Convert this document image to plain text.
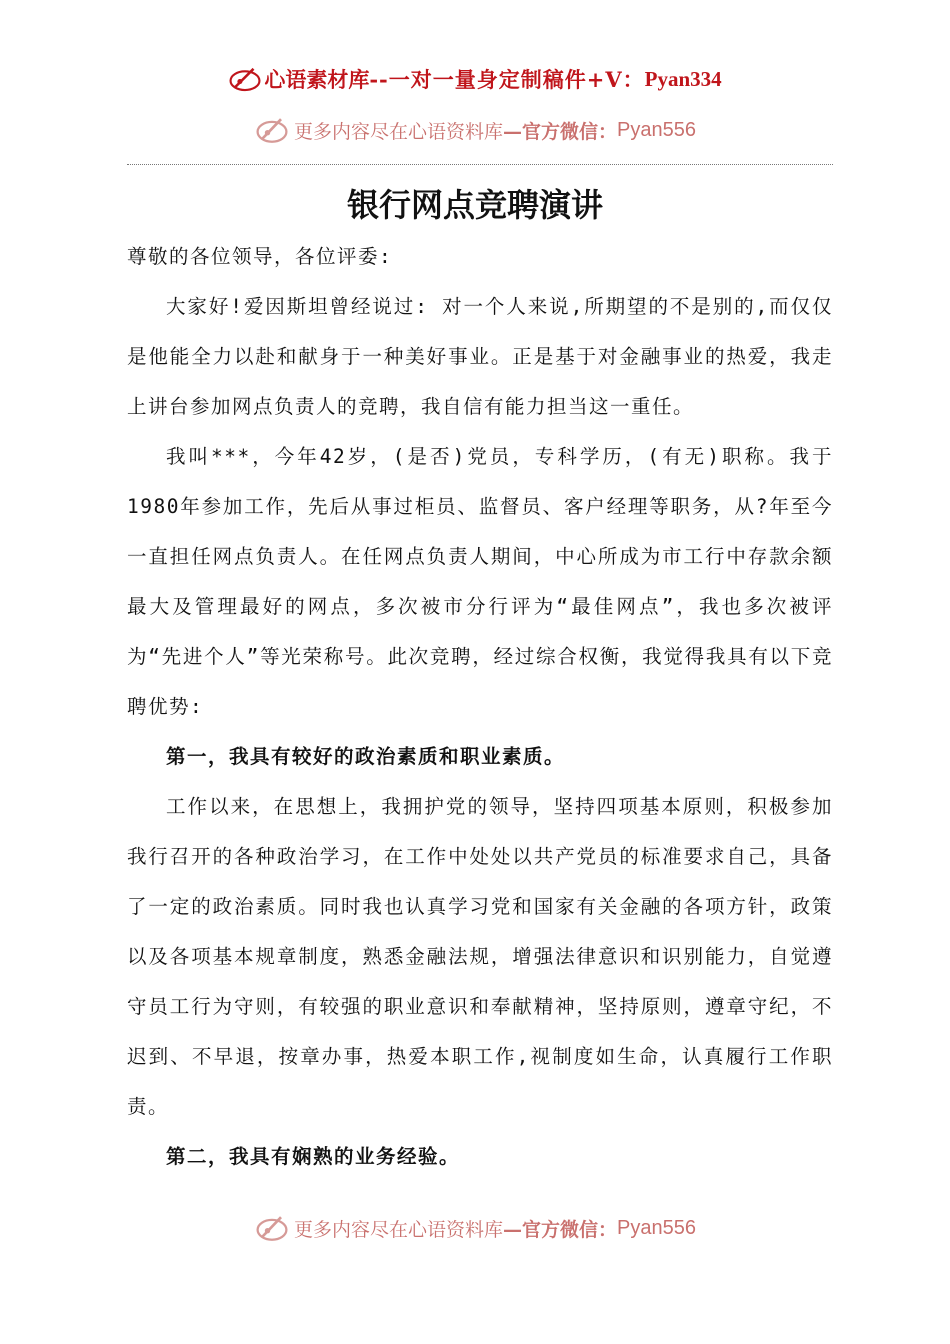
心语素材库 --一对一量身定制稿件+V： Pyan334
更多内容尽在心语资料库 —官方微信： Pyan556
银行网点竞聘演讲

尊敬的各位领导，各位评委:

大家好!爱因斯坦曾经说过: 对一个人来说,所期望的不是别的,而仅仅是他能全力以赴和献身于一种美好事业。正是基于对金融事业的热爱，我走上讲台参加网点负责人的竞聘，我自信有能力担当这一重任。

我叫***，今年42岁，(是否)党员，专科学历，(有无)职称。我于1980年参加工作，先后从事过柜员、监督员、客户经理等职务，从?年至今一直担任网点负责人。在任网点负责人期间，中心所成为市工行中存款余额最大及管理最好的网点，多次被市分行评为“最佳网点”，我也多次被评为“先进个人”等光荣称号。此次竞聘，经过综合权衡，我觉得我具有以下竞聘优势:

第一，我具有较好的政治素质和职业素质。

工作以来，在思想上，我拥护党的领导，坚持四项基本原则，积极参加我行召开的各种政治学习，在工作中处处以共产党员的标准要求自己，具备了一定的政治素质。同时我也认真学习党和国家有关金融的各项方针，政策以及各项基本规章制度，熟悉金融法规，增强法律意识和识别能力，自觉遵守员工行为守则，有较强的职业意识和奉献精神，坚持原则，遵章守纪，不迟到、不早退，按章办事，热爱本职工作,视制度如生命，认真履行工作职责。

第二，我具有娴熟的业务经验。

更多内容尽在心语资料库 —官方微信： Pyan556
